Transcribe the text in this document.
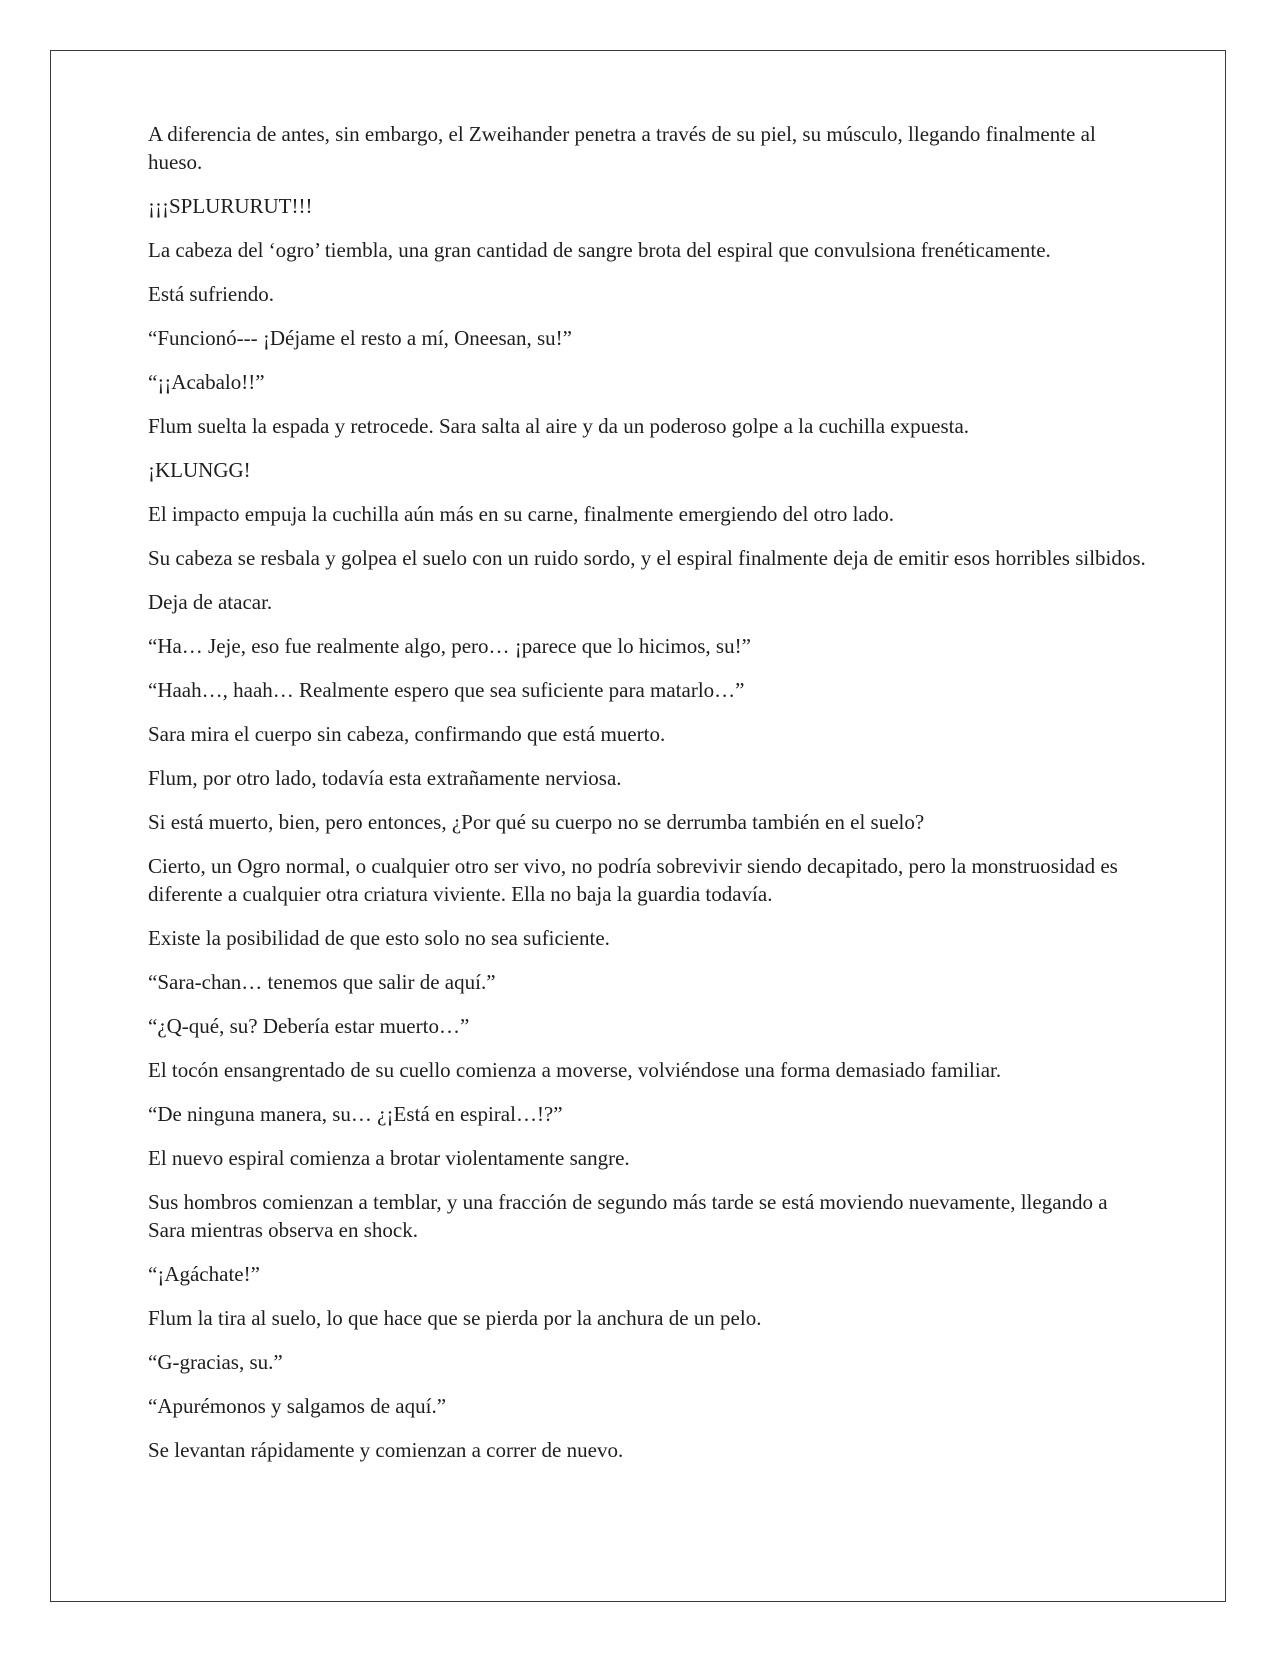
A diferencia de antes, sin embargo, el Zweihander penetra a través de su piel, su músculo, llegando finalmente al hueso.

¡¡¡SPLURURUT!!!

La cabeza del ‘ogro’ tiembla, una gran cantidad de sangre brota del espiral que convulsiona frenéticamente.

Está sufriendo.

“Funcionó--- ¡Déjame el resto a mí, Oneesan, su!”

“¡¡Acabalo!!”

Flum suelta la espada y retrocede. Sara salta al aire y da un poderoso golpe a la cuchilla expuesta.

¡KLUNGG!

El impacto empuja la cuchilla aún más en su carne, finalmente emergiendo del otro lado.

Su cabeza se resbala y golpea el suelo con un ruido sordo, y el espiral finalmente deja de emitir esos horribles silbidos.

Deja de atacar.

“Ha… Jeje, eso fue realmente algo, pero… ¡parece que lo hicimos, su!”

“Haah…, haah… Realmente espero que sea suficiente para matarlo…”

Sara mira el cuerpo sin cabeza, confirmando que está muerto.

Flum, por otro lado, todavía esta extrañamente nerviosa.

Si está muerto, bien, pero entonces, ¿Por qué su cuerpo no se derrumba también en el suelo?

Cierto, un Ogro normal, o cualquier otro ser vivo, no podría sobrevivir siendo decapitado, pero la monstruosidad es diferente a cualquier otra criatura viviente. Ella no baja la guardia todavía.

Existe la posibilidad de que esto solo no sea suficiente.

“Sara-chan… tenemos que salir de aquí.”

“¿Q-qué, su? Debería estar muerto…”

El tocón ensangrentado de su cuello comienza a moverse, volviéndose una forma demasiado familiar.

“De ninguna manera, su… ¿¡Está en espiral…!?”

El nuevo espiral comienza a brotar violentamente sangre.

Sus hombros comienzan a temblar, y una fracción de segundo más tarde se está moviendo nuevamente, llegando a Sara mientras observa en shock.

“¡Agáchate!”

Flum la tira al suelo, lo que hace que se pierda por la anchura de un pelo.

“G-gracias, su.”

“Apurémonos y salgamos de aquí.”

Se levantan rápidamente y comienzan a correr de nuevo.
